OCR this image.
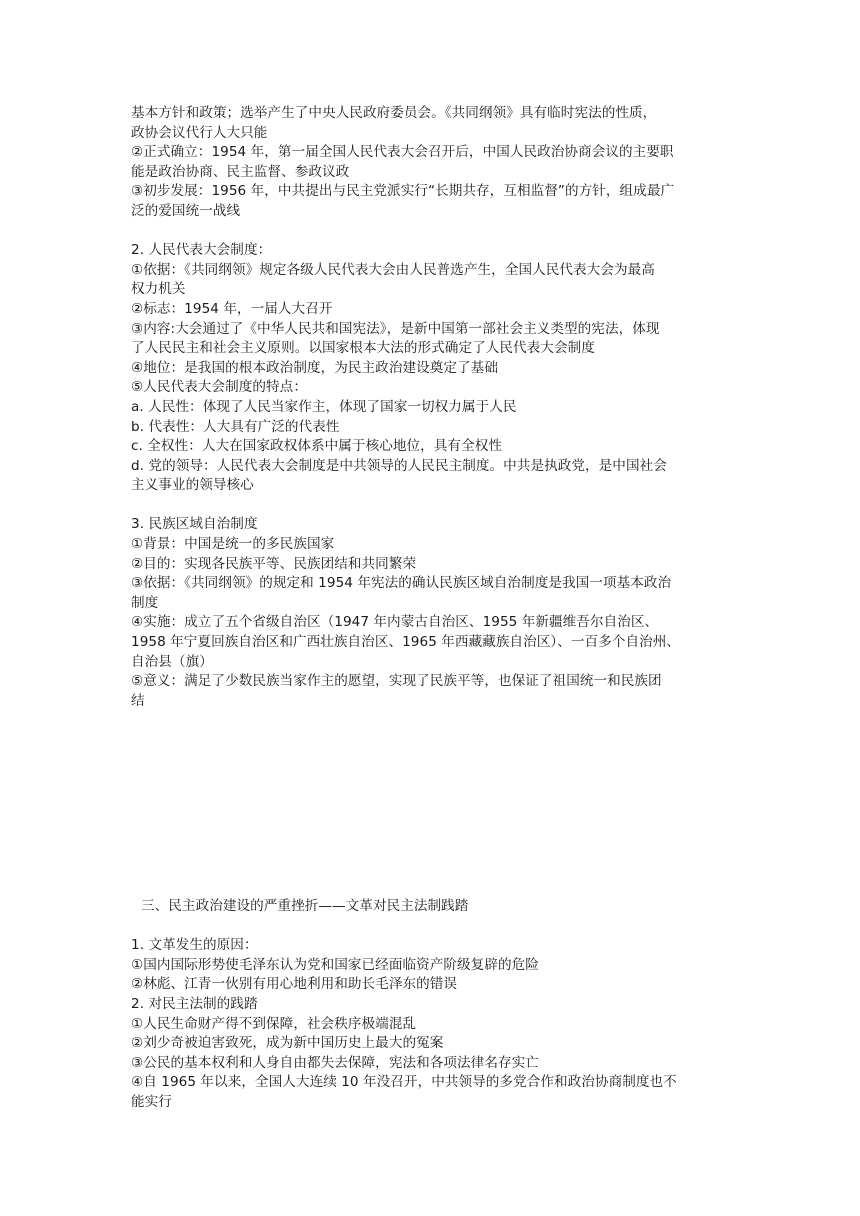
基本方针和政策；选举产生了中央人民政府委员会。《共同纲领》具有临时宪法的性质，
政协会议代行人大只能
②正式确立：1954 年，第一届全国人民代表大会召开后，中国人民政治协商会议的主要职
能是政治协商、民主监督、参政议政
③初步发展：1956 年，中共提出与民主党派实行“长期共存，互相监督”的方针，组成最广
泛的爱国统一战线
2. 人民代表大会制度：
①依据：《共同纲领》规定各级人民代表大会由人民普选产生，全国人民代表大会为最高
权力机关
②标志：1954 年，一届人大召开
③内容:大会通过了《中华人民共和国宪法》，是新中国第一部社会主义类型的宪法，体现
了人民民主和社会主义原则。以国家根本大法的形式确定了人民代表大会制度
④地位：是我国的根本政治制度，为民主政治建设奠定了基础
⑤人民代表大会制度的特点：
a. 人民性：体现了人民当家作主，体现了国家一切权力属于人民
b. 代表性：人大具有广泛的代表性
c. 全权性：人大在国家政权体系中属于核心地位，具有全权性
d. 党的领导：人民代表大会制度是中共领导的人民民主制度。中共是执政党，是中国社会
主义事业的领导核心
3. 民族区域自治制度
①背景：中国是统一的多民族国家
②目的：实现各民族平等、民族团结和共同繁荣
③依据：《共同纲领》的规定和 1954 年宪法的确认民族区域自治制度是我国一项基本政治
制度
④实施：成立了五个省级自治区（1947 年内蒙古自治区、1955 年新疆维吾尔自治区、
1958 年宁夏回族自治区和广西壮族自治区、1965 年西藏藏族自治区）、一百多个自治州、
自治县（旗）
⑤意义：满足了少数民族当家作主的愿望，实现了民族平等，也保证了祖国统一和民族团
结
三、民主政治建设的严重挫折——文革对民主法制践踏
1. 文革发生的原因：
①国内国际形势使毛泽东认为党和国家已经面临资产阶级复辟的危险
②林彪、江青一伙别有用心地利用和助长毛泽东的错误
2. 对民主法制的践踏
①人民生命财产得不到保障，社会秩序极端混乱
②刘少奇被迫害致死，成为新中国历史上最大的冤案
③公民的基本权利和人身自由都失去保障，宪法和各项法律名存实亡
④自 1965 年以来，全国人大连续 10 年没召开，中共领导的多党合作和政治协商制度也不
能实行
